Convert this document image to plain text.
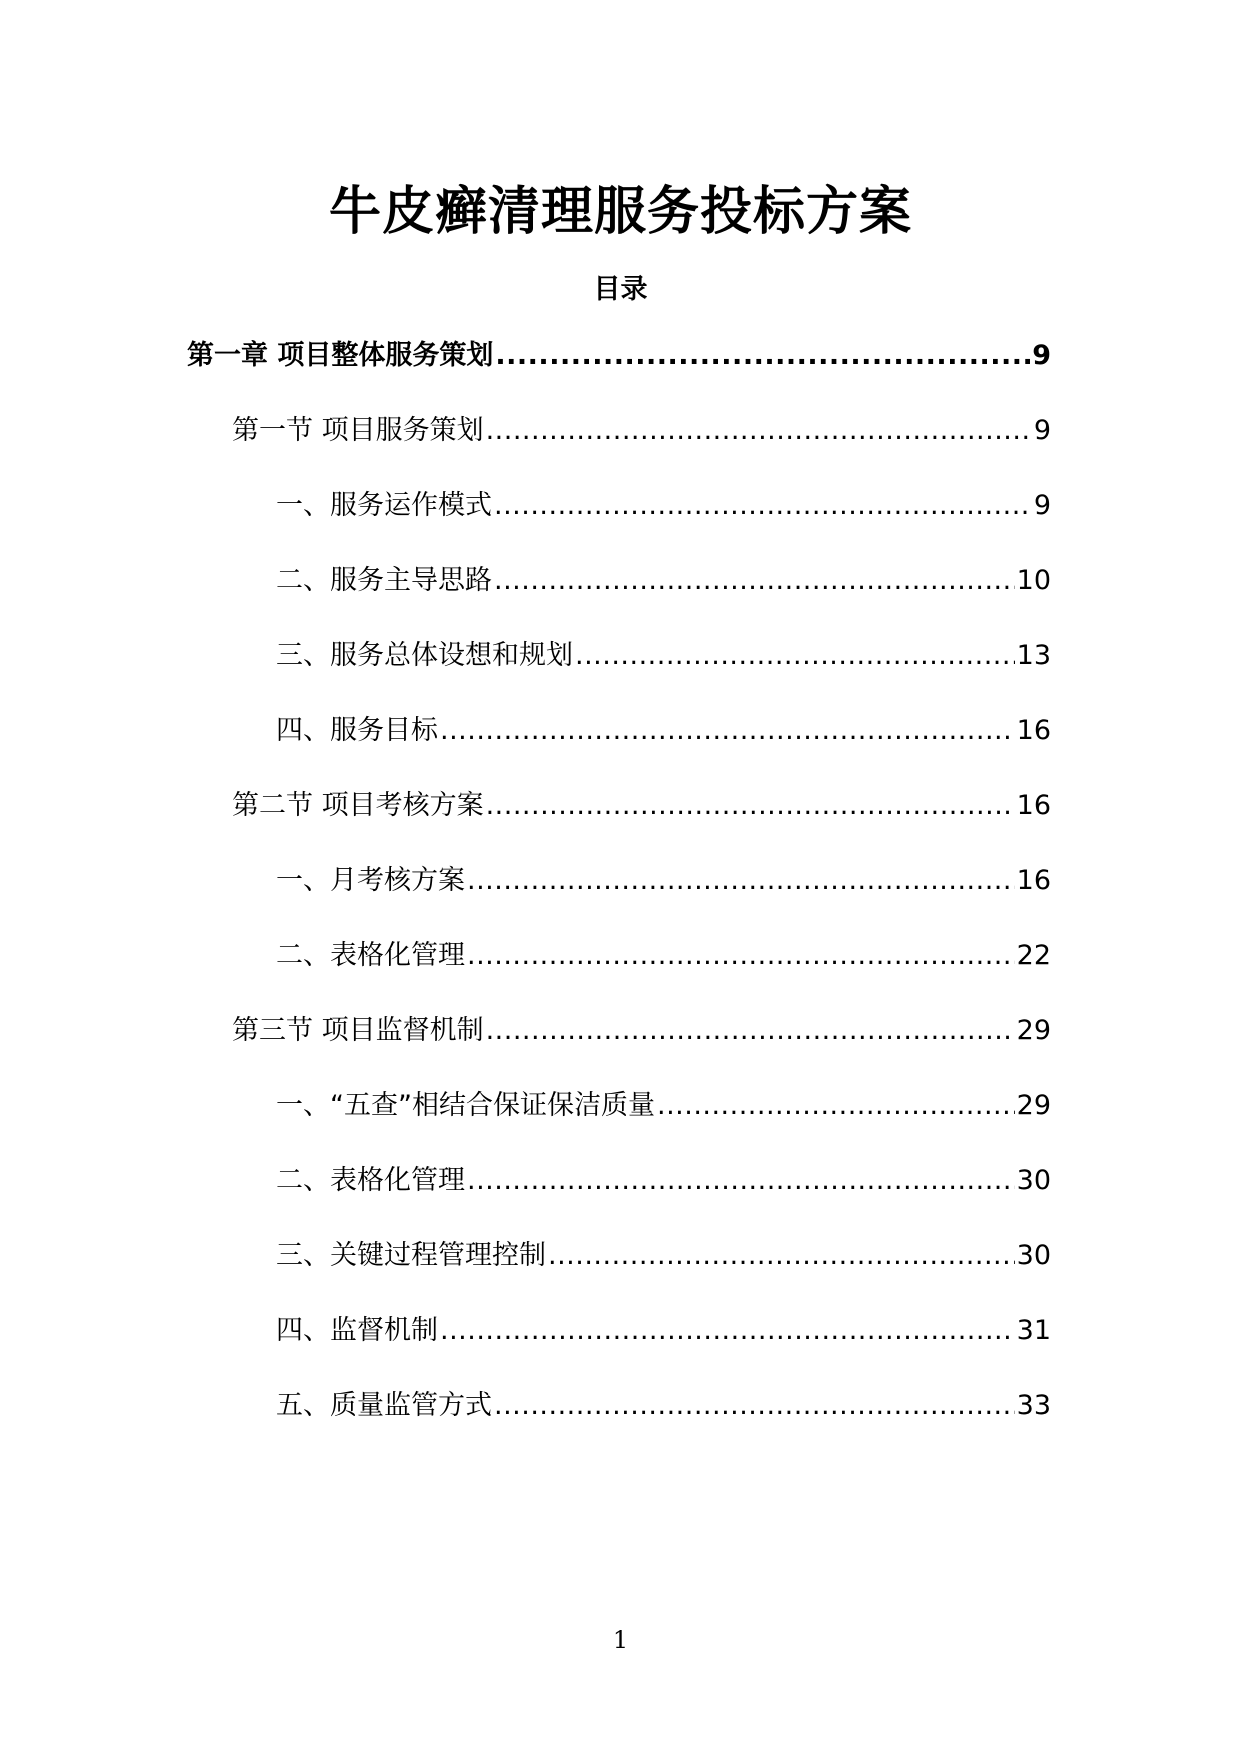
牛皮癣清理服务投标方案
目录
第一章 项目整体服务策划 .....	9
第一节 项目服务策划 .....	9
一、服务运作模式 .....	9
二、服务主导思路 .....	10
三、服务总体设想和规划 .....	13
四、服务目标 .....	16
第二节 项目考核方案 .....	16
一、月考核方案 .....	16
二、表格化管理 .....	22
第三节 项目监督机制 .....	29
一、“五查”相结合保证保洁质量 .....	29
二、表格化管理 .....	30
三、关键过程管理控制 .....	30
四、监督机制 .....	31
五、质量监管方式 .....	33
1
